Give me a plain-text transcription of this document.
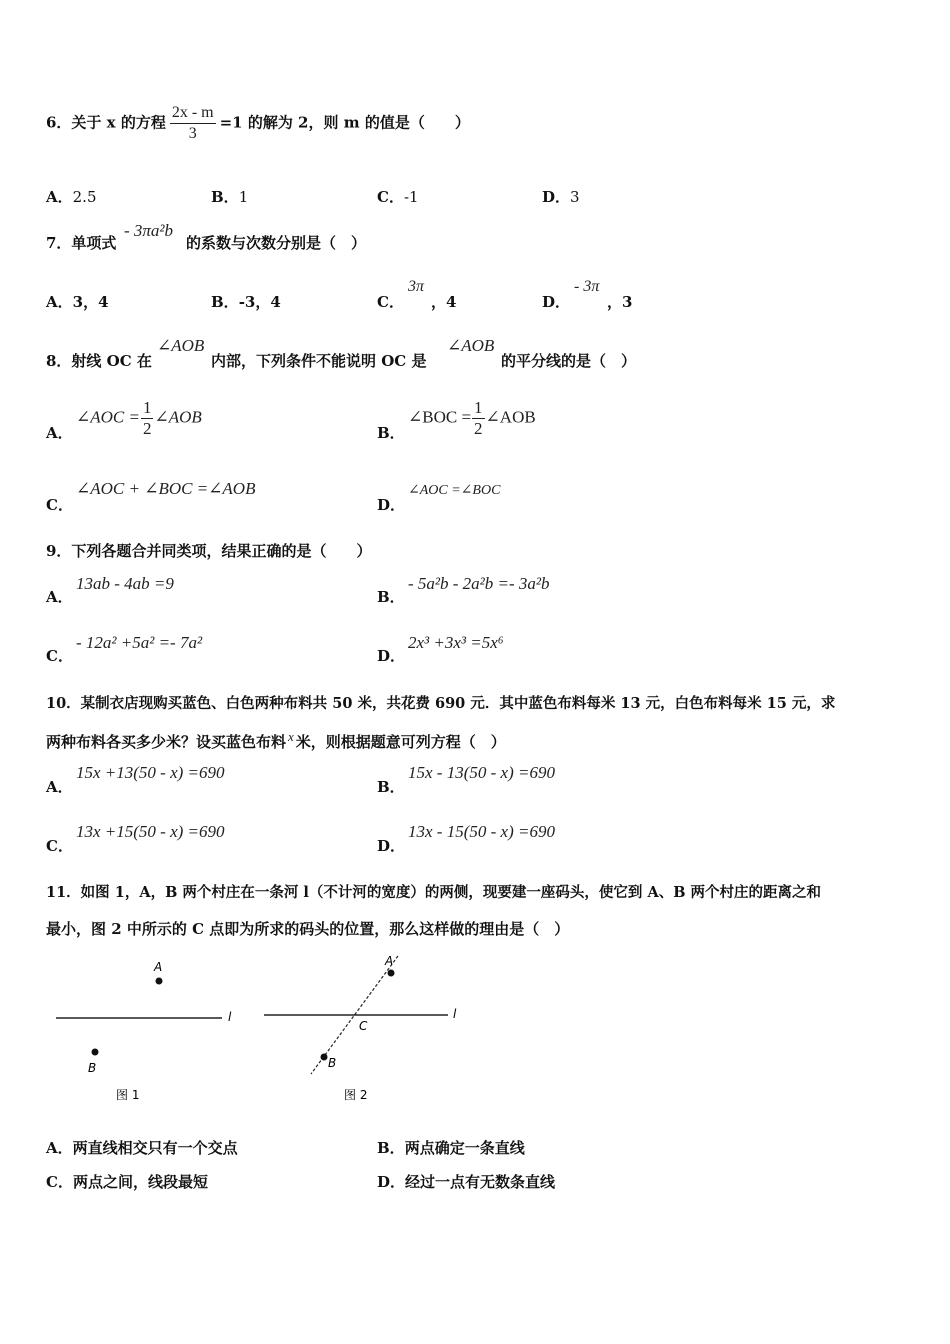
6．关于 x 的方程 $\frac{2x - m}{3} =1$ 的解为 2，则 m 的值是（　　）
A．2.5	B．1	C．-1	D．3
7．单项式
- 3πa²b
的系数与次数分别是（　）
A．3，4	B．-3，4	C．
3π
，4	D．
- 3π
，3
8．射线 OC 在
∠AOB
内部，下列条件不能说明 OC 是
∠AOB
的平分线的是（　）
A．
∠AOC = $\frac{1}{2}$ ∠AOB
B．
∠BOC = $\frac{1}{2}$ ∠AOB
C．
∠AOC + ∠BOC =∠AOB
D．
∠AOC =∠BOC
9．下列各题合并同类项，结果正确的是（　　）
A．
13ab - 4ab =9
B．
- 5a²b - 2a²b =- 3a²b
C．
- 12a² +5a² =- 7a²
D．
2x³ +3x³ =5x⁶
10．某制衣店现购买蓝色、白色两种布料共 50 米，共花费 690 元．其中蓝色布料每米 13 元，白色布料每米 15 元，求
两种布料各买多少米？设买蓝色布料 x 米，则根据题意可列方程（　）
A．
15x +13(50 - x) =690
B．
15x - 13(50 - x) =690
C．
13x +15(50 - x) =690
D．
13x - 15(50 - x) =690
11．如图 1，A，B 两个村庄在一条河 l（不计河的宽度）的两侧，现要建一座码头，使它到 A、B 两个村庄的距离之和
最小，图 2 中所示的 C 点即为所求的码头的位置，那么这样做的理由是（　）
A
B
l
图 1
A
B
C
l
图 2
A．两直线相交只有一个交点	B．两点确定一条直线
C．两点之间，线段最短	D．经过一点有无数条直线
